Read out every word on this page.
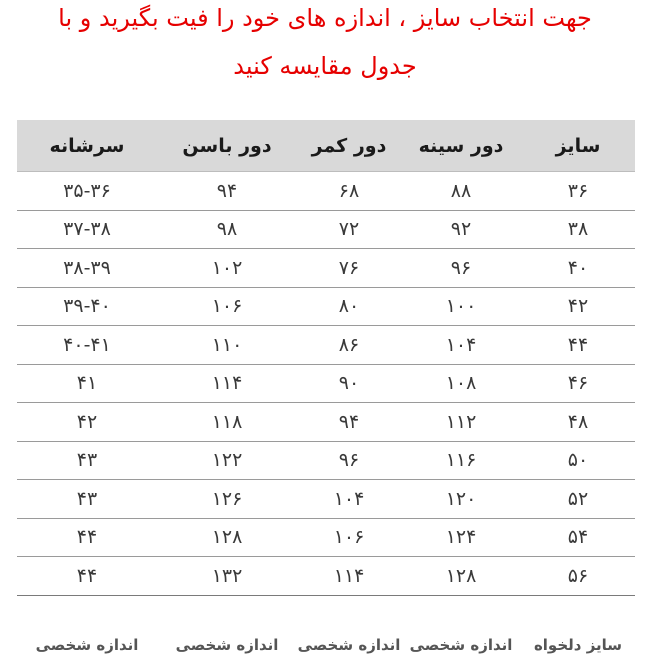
جهت انتخاب سایز ، اندازه های خود را فیت بگیرید و با
جدول مقایسه کنید
سایز	دور سینه	دور کمر	دور باسن	سرشانه
۳۶	۸۸	۶۸	۹۴	۳۵-۳۶
۳۸	۹۲	۷۲	۹۸	۳۷-۳۸
۴۰	۹۶	۷۶	۱۰۲	۳۸-۳۹
۴۲	۱۰۰	۸۰	۱۰۶	۳۹-۴۰
۴۴	۱۰۴	۸۶	۱۱۰	۴۰-۴۱
۴۶	۱۰۸	۹۰	۱۱۴	۴۱
۴۸	۱۱۲	۹۴	۱۱۸	۴۲
۵۰	۱۱۶	۹۶	۱۲۲	۴۳
۵۲	۱۲۰	۱۰۴	۱۲۶	۴۳
۵۴	۱۲۴	۱۰۶	۱۲۸	۴۴
۵۶	۱۲۸	۱۱۴	۱۳۲	۴۴
سایز دلخواه	اندازه شخصی	اندازه شخصی	اندازه شخصی	اندازه شخصی
